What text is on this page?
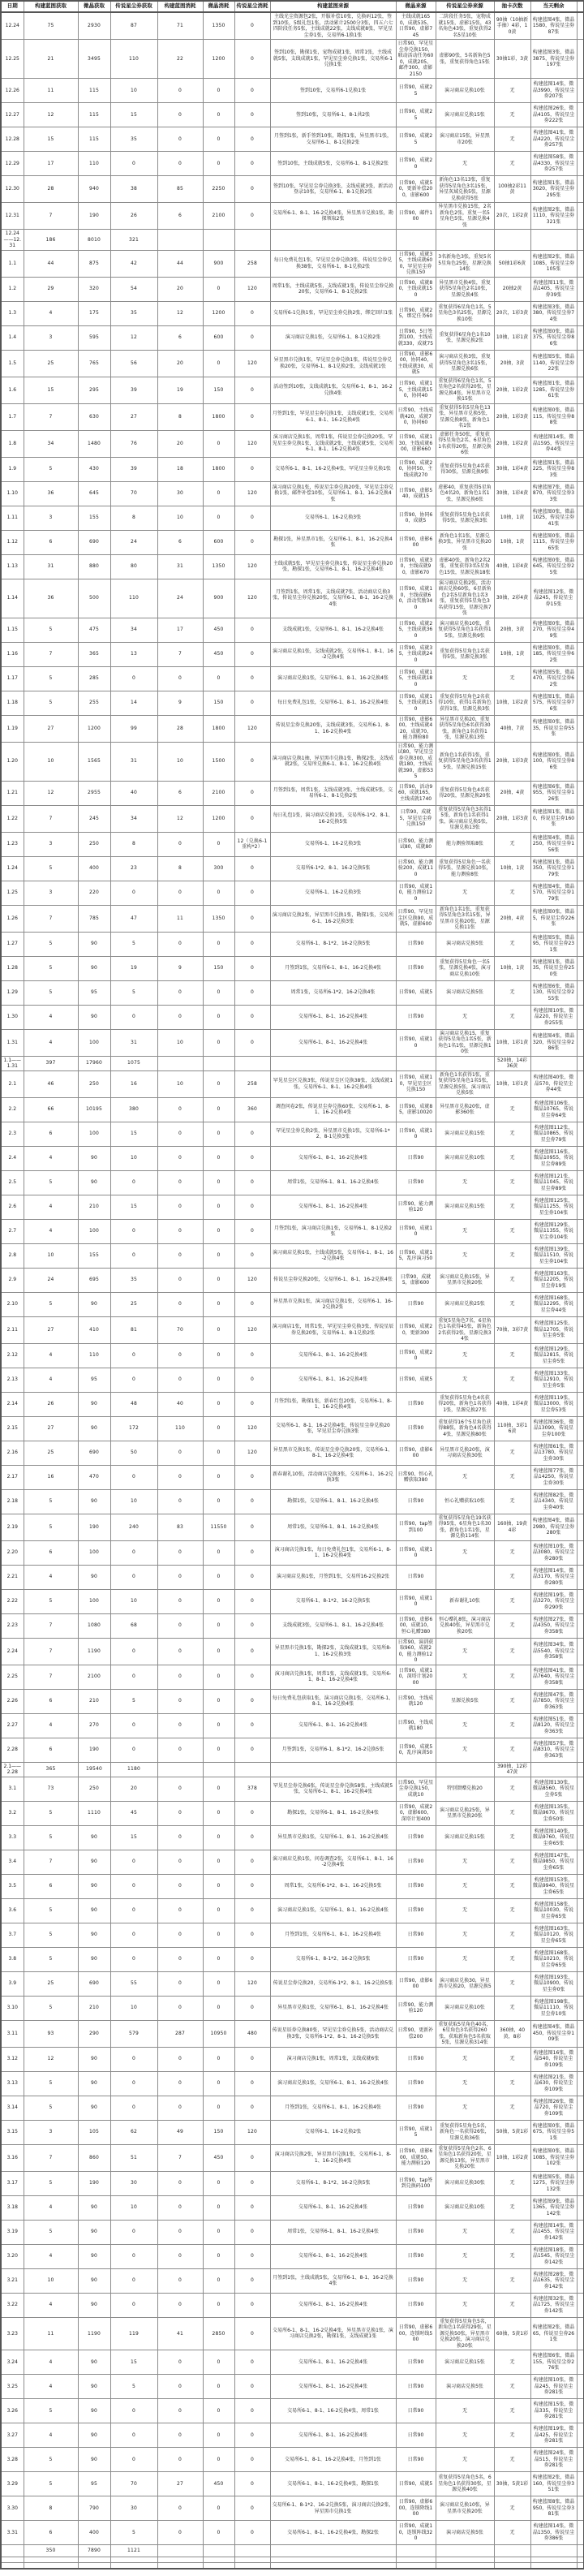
日期	构建蓝图获取	微晶获取	传说星尘券获取	构建蓝图消耗	微晶消耗	传说星尘消耗	构建蓝图来源	微晶来源	传说星尘券来源	抽卡次数	当天剩余	
12.24	75	2930	87	71	1350	0	主线光尘资源包2张，开服补偿10张，兑换码12张，签到10张，5级礼包1张，活动累计2500分3张，四五六七四阶段任务5张，主线成就22张，支线成就8张，罕见星尘券1张，交易所6-1换1张	主线成就1650，成就535，日常90，虚影745	二阶段任务5张，宠物成就15张，虚影15张，43名角色43张，重复获得2名5星10张	90抽（10抽新手抽）4彩，10黄	构建蓝图4张，微晶1580，传说星尘券87张	
12.25	21	3495	110	22	1200	0	签到10张，勘探1张，宠物成就1张，周常1张，主线成就5张，支线成就1张，罕见星尘券兑换1张，交易所6-1兑换1张	日常90，罕见星尘券兑换150，联动活动任务600，成就205，邮件300，虚影2150	虚影90张，5名新角色5张，重复获得角色15张	30抽1彩，3黄	构建蓝图3张，微晶3875，传说星尘券197张	
12.26	11	115	10	0	0	0	签到10张，交易所6-1兑换1张	日常90，成就25	演习商店兑换10张	无	构建蓝图14张，微晶3990，传说星尘券207张	
12.27	12	115	15	0	0	0	签到10张，交易所6-1、8-1共2张	日常90，成就25	演习商店兑换15张	无	构建蓝图26张，微晶4105，传说星尘券222张	
12.28	15	115	35	0	0	0	月签到1张，新手签到10张，勘探1张，异星黑市1张，交易所6-1、8-1兑换2张	日常90，成就25	演习商店15张，异星黑市20张	无	构建蓝图41张，微晶4220，传说星尘券257张	
12.29	17	110	0	0	0	0	签到10张，主线成就5张，交易所6-1、8-1兑换2张	日常90，成就20	无	无	构建蓝图58张，微晶4330，传说星尘券257张	
12.30	28	940	38	85	2250	0	签到10张，罕见星尘券兑换3张，支线成就3张，新活动登录10张，交易所6-1、8-1兑换2张	日常90，成就50，更新补偿200，虚影600	新角色13名13张，重复获得5星角色3名15张，异星灰域兑换5张，星源兑换获得5张	100抽2彩11黄	构建蓝图1张，微晶3020，传说星尘券295张	
12.31	7	190	26	6	2100	0	交易所6-1、8-1、16-2兑换4张，异星黑市兑换1张，勘探领取2张	日常90，邮件100	异星黑市兑换15张，2名新角色2张，重复一名5星角色5张，星源兑换4张	20次，1彩2黄	构建蓝图2张，微晶1110，传说星尘券321张	
12.24——12.31	186	8010	321									
1.1	44	875	42	44	900	258	每日免费礼包1张，罕见星尘券兑换3张，传说星尘券兑换38张，交易所6-1、8-1兑换2张	日常90，成就35，主线成就600，罕见星尘券兑换150	3名新角色3张，重复5名5星角色25张，星源兑换14张	50抽1彩6黄	构建蓝图2张，微晶1085，传说星尘券105张	
1.2	29	320	54	20	0	120	周常1张，主线成就5张，支线成就1张，传说星尘券兑换20张，交易所6-1、8-1兑换2张	日常90，成就80，主线成就150	异星黑市兑换4张，重复获得5星角色2名10张，星源兑换4张	20抽2黄	构建蓝图11张，微晶1405，传说星尘券39张	
1.3	4	175	35	12	1200	0	交易所6-1兑换1张，罕见星尘券兑换2张，绑定回归1张	日常90，成就25，绑定任务60	重复获得6星角色1名，5星角色3名25张，星源兑换10张	20次，1彩3黄	构建蓝图3张，微晶380，传说星尘券74张	
1.4	3	595	12	6	600	0	演习商店兑换1张，交易所6-1、8-1兑换2张	日常90，5日签到100，主线成就330，成就75	重复获得6星角色1名10张，星源兑换2张	10抽，1彩1黄	构建蓝图0张，微晶375，传说星尘券86张	
1.5	25	765	56	20	0	120	异星黑市兑换1张，罕见星尘券兑换1张，传说星尘券兑换20张，交易所6-1、8-1兑换2张，支线成就1张	日常90，虚影600，协同40，主线成就30，成就5	演习商店兑换3张，重复获得5星角色3名15张，星源兑换6张	20抽，3黄	构建蓝图5张，微晶1140，传说星尘券22张	
1.6	15	295	39	19	150	0	活动签到10张，支线成就1张，交易所6-1、8-1、16-2兑换4张	日常90，成就15，主线成就150，协同40	重复获得6星角色1名，5星角色2名获得20张，星源兑换4张，异星黑市兑换15张	20抽，1彩2黄	构建蓝图1张，微晶1285，传说星尘券61张	
1.7	7	630	27	8	1800	0	月签到1张，罕见星尘券兑换1张，支线成就1张，交易所6-1、8-1、16-2兑换4张	日常90，主线成就420，成就70，协同60	重复获得5名5星角色13张，异星黑市兑换5张，星源兑换8张，新角色1名1张	20抽，1彩3黄	构建蓝图0张，微晶115，传说星尘券88张	
1.8	34	1480	76	20	0	120	演习商店兑换1张，周常1张，传说星尘券兑换20张，罕见星尘券兑换1张，支线成就2张，主线成就5张，交易所6-1、8-1、16-2兑换4张	日常90，成就130，主线成就600，虚影660	虚影任务50张，重复获得5星角色2名、6星角色1名获得20张，星源兑换6张	20抽，1彩2黄	构建蓝图14张，微晶1595，传说星尘券44张	
1.9	5	430	39	18	1800	0	交易所6-1、8-1、16-2兑换4张，罕见星尘券兑换1张	日常90，成就20，协同50，主线成就270	重复获得5星角色4名获得30张，星源兑换9张	30抽，1彩4黄	构建蓝图1张，微晶225，传说星尘券83张	
1.10	36	645	70	30	0	120	演习商店兑换1张，传说星尘券兑换20张，罕见星尘券兑换1张，邮件补偿10张，交易所6-1、8-1、16-2兑换4张	日常90，虚影540，成就15	虚影40，重复获得5星角色4名20，新角色1名1张，星源兑换6张	30抽，1彩4黄	构建蓝图7张，微晶870，传说星尘券33张	
1.11	3	155	8	10	0	0	交易所6-1、16-2兑换3张	日常90，协同60，成就5	重复获得5星角色1名获得5张，星源兑换3张	10抽，1黄	构建蓝图0张，微晶1025，传说星尘券41张	
1.12	6	690	24	6	600	0	勘探1张，异星黑市1张，交易所6-1、8-1、16-2兑换4张	日常90，虚影600	新角色1名1张，星源兑换3张，异星黑市兑换20张	10抽，1黄	构建蓝图0张，微晶1115，传说星尘券65张	
1.13	31	880	80	31	1350	120	主线成就5张，罕见星尘券兑换1张，传说星尘券兑换20张，勘探1张，交易所6-1、8-1、16-2兑换4张	日常90，成就30，主线成就90，虚影670	虚影40张，新角色2名2张，重复获得3名5星角色15张，星源兑换18张	40抽，1彩4黄	构建蓝图0张，微晶645，传说星尘券25张	
1.14	36	500	110	24	900	120	月签到1张，周常1张，支线成就7张，活动商店兑换3张，传说星尘券兑换20张，交易所6-1、8-1、16-2兑换4张	日常90，成就10，主线成就60，活动奖励340	演习商店兑换2张，活动商店兑换60张，6星新角色2名5星新角色1名3张，重复获得5星角色3名获得15张，星源兑换7张	30抽，2彩4黄	构建蓝图12张，微晶245，传说星尘券15张	
1.15	5	475	34	17	450	0	支线成就1张，交易所6-1、8-1、16-2兑换4张	日常90，成就25，主线成就360	演习商店兑换10张，重复获得5星角色1名获得15张，星源兑换9张	20抽，3黄	构建蓝图0张，微晶270，传说星尘券49张	
1.16	7	365	13	7	450	0	演习商店兑换1张，支线成就2张，交易所6-1、8-1、16-2兑换4张	日常90，成就35，主线成就240	重复获得5星角色1名获得5张，星源兑换3张	10抽，1黄	构建蓝图0张，微晶185，传说星尘券62张	
1.17	5	285	0	0	0	0	演习商店兑换1张，交易所6-1、8-1、16-2兑换4张	日常90，成就15，主线成就180	无	无	构建蓝图5张，微晶470，传说星尘券62张	
1.18	5	255	14	9	150	0	每日免费礼包1张，交易所6-1、8-1、16-2兑换4张	日常90，成就15，主线成就150	重复获得5星角色2名获得10张，获得1名新角色获得1张，星源兑换3张	10抽，1彩2黄	构建蓝图1张，微晶575，传说星尘券76张	
1.19	27	1200	99	28	1800	120	传说星尘券兑换20张，支线成就3张，交易所6-1、8-1、16-2兑换4张	日常90，虚影600，主线成就420，成就70，能力测验80	异星黑市兑换20，重复获得5星角色6名获得30张，新角色1名获得1张，星源兑换13张	40抽，7黄	构建蓝图0张，微晶35，传说星尘券55张	
1.20	10	1565	31	10	1500	0	演习商店兑换1抽，异星黑市兑换1张，勘探2张，支线成就2张，交易所兑换6-1、8-1、16-2兑换4张	日常90，能力测试80，罕见星尘券兑换300，成就180，主线成就390，虚影535	新角色1名获得1张，重复获得5星角色3名获得15张，星源兑换15张	20抽，1彩3黄	构建蓝图0张，微晶100，传说星尘券86张	
1.21	12	2955	40	6	2100	0	月签到1张，周常1张，支线成就3张，主线成就5张，交易所6-1、8-1兑换2张	日常90，活动960，成就165，主线成就1740	重复获得5星角色4名获得20张，星源兑换20张	20抽，4黄	构建蓝图6张，微晶955，传说星尘券126张	
1.22	7	245	34	12	1200	0	每日礼包1张，演习商店兑换1张，交易所6-1*2、8-1、16-2兑换5张	日常90，成就5，罕见星尘券兑换150	重复获得5星角色3名得15张，新角色1名获得1张，演习商店兑换5张，星源兑换13张	20抽，1彩3黄	构建蓝图1张，微晶0，传说星尘券160张	
1.23	3	250	8	0	0	12（兑换6-1重构*2）	交易所6-1、16-2兑换3张	日常90，能力测试80，成就80	能力测验领取8张	无	构建蓝图4张，微晶250，传说星尘券156张	
1.24	5	400	23	8	300	0	交易所6-1*2、8-1、16-2兑换5张	日常90，能力测验200，成就110	重复获得5星角色一名获得5张，星源兑换10张，能力测验8张	10抽，1黄	构建蓝图1张，微晶350，传说星尘券179张	
1.25	3	220	0	0	0	0	交易所6-1、16-2兑换3张	日常90，成就10，能力测验120	无	无	构建蓝图4张，微晶570，传说星尘券179张	
1.26	7	785	47	11	1350	0	演习商店兑换2张，异星黑市兑换1张，勘探1张，交易所6-1、16-2兑换3张	日常90，罕见星尘区兑换90，成就5，虚影600	新角色1名1张，重复获得5星角色3名15张，异星黑市兑换20张，星源兑换11张	20抽，4黄	构建蓝图0张，微晶5，传说星尘券226张	
1.27	5	90	5	0	0	0	交易所6-1、8-1*2、16-2兑换5张	日常90	演习商店兑换5张	无	构建蓝图5张，微晶95，传说星尘券231张	
1.28	5	90	19	9	150	0	月签到1张，交易所6-1、8-1、16-2兑换4张	日常90	重复获得5星角色一名5张，星源兑换4张，演习商店兑换10张	10抽，1黄	构建蓝图1张，微晶35，传说星尘券250张	
1.29	5	95	5	0	0	0	周常1张，交易所6-1*2、16-2兑换4张	日常90，成就5	演习商店兑换5张	无	构建蓝图6张，微晶130，传说星尘券255张	
1.30	4	90	0	0	0	0	交易所6-1、8-1、16-2兑换4张	日常90	无	无	构建蓝图10张，微晶220，传说星尘券255张	
1.31	4	100	31	10	0	0	交易所6-1、8-1、16-2兑换4张	日常90，成就10	演习商店兑换15，重复获得5星角色1名5张，新角色1名1张，星源兑换10张	10抽，1彩1黄	构建蓝图4张，微晶320，传说星尘券286张	
1.1——1.31	397	17960	1075							520抽，14彩36黄		
2.1	46	250	16	10	0	258	罕见星尘区兑换3张，传说星尘区兑换38张，支线成就1张，交易所6-1、8-1、16-2兑换4张	日常90，成就10，罕见星尘区兑换150	新角色1名获得1张，重复获得5星角色1名5张，星源兑换5张，演习商店兑换5张	10抽，1彩1黄	构建蓝图40张，微晶570，传说星尘券44张	
2.2	66	10195	380	0	0	360	调查问卷2张，传说星尘券兑换60张，交易所6-1、8-1、16-2兑换4张	日常90，成就85，虚影10020	异星黑市兑换20张，虚影360张	无	构建蓝图106张，微晶10765，传说星尘券64张	
2.3	6	100	15	0	0	0	罕见星尘券兑换2张，异星黑市兑换1张，交易所6-1*2、8-1兑换3张	日常90，成就10	演习商店兑换15张	无	构建蓝图112张，微晶10865，传说星尘券79张	
2.4	4	90	10	0	0	0	交易所6-1、8-1、16-2兑换4张	日常90	演习商店兑换10张	无	构建蓝图116张，微晶10955，传说星尘券89张	
2.5	5	90	0	0	0	0	周常1张，交易所6-1、8-1、16-2兑换4张	日常90	无	无	构建蓝图121张，微晶11045，传说星尘券89张	
2.6	4	210	15	0	0	0	交易所6-1、8-1、16-2兑换4张	日常90，能力测验120	演习商店兑换15张	无	构建蓝图125张，微晶11255，传说星尘券104张	
2.7	4	100	0	0	0	0	月签到1张，演习商店兑换1张，交易所6-1、8-1兑换2张	日常90，成就10	无	无	构建蓝图129张，微晶11355，传说星尘券104张	
2.8	10	155	0	0	0	0	演习商店兑换1张，主线成就5张，交易所6-1、8-1、16-2兑换4张	日常90，成就15，乱序演习50	无	无	构建蓝图139张，微晶11510，传说星尘券104张	
2.9	24	695	35	0	0	120	传说星尘券兑换20张，交易所6-1、8-1、16-2兑换4张	日常90，成就5，虚影600	演习商店兑换15张，异星黑市兑换20张	无	构建蓝图163张，微晶12205，传说星尘券19张	
2.10	5	90	25	0	0	0	异星黑市兑换1张，演习商店兑换1张，交易所6-1、16-2兑换2张	日常90	演习商店兑换25张	无	构建蓝图168张，微晶12295，传说星尘券44张	
2.11	27	410	81	70	0	120	演习商店1张，周常1张，罕见星尘券兑换3张，传说星辰券兑换20张，交易所6-1、8-1兑换2张	日常90，成就20，更新300	重复5星角色7名，6星角色1名获得45张，新角色2名获得2张，星源兑换34张	70抽，3彩7黄	构建蓝图125张，微晶12705，传说星尘券5张	
2.12	4	110	0	0	0	0	交易所6-1、8-1、16-2兑换4张	日常90，成就20	无	无	构建蓝图129张，微晶12815，传说星尘券5张	
2.13	4	95	0	0	0	0	交易所6-1、8-1、16-2兑换4张	日常90，成就5	无	无	构建蓝图133张，微晶12910，传说星尘券5张	
2.14	26	90	48	40	0	0	月签到1张，勘探1张，新春红包20张，交易所6-1、8-1、16-2兑换4张	日常90	重复获得5星角色4名获得20张，新角色1名获得1张，星源兑换27张	40抽，1彩4黄	构建蓝图119张，微晶13000，传说星尘券53张	
2.15	27	90	172	110	0	120	交易所6-1、8-1、16-2兑换4张，传说星尘券兑换20张，罕见星尘券兑换3张	日常90	重复获得16个5星角色获得88张，新角色4名获得4张，星源兑换80张	110抽，3彩16黄	构建蓝图36张，微晶13090，传说星尘券100张	
2.16	25	690	50	0	0	120	异星黑市兑换1张，传说星尘券兑换20张，交易所6-1、8-1、16-2兑换4张	日常90，虚影600	异星黑市兑换20张，演习商店兑换30张	无	构建蓝图61张，微晶13780，传说星尘券30张	
2.17	16	470	0	0	0	0	新春谢礼10张，活动商店兑换3张，交易所6-1、16-2兑换3张	日常90，恒心礼赠获取380	无	无	构建蓝图77张，微晶14250，传说星尘券30张	
2.18	5	90	10	0	0	0	勘探1张，交易所6-1、8-1、16-2兑换4张	日常90	恒心礼赠获取10张	无	构建蓝图82张，微晶14340，传说星尘券40张	
2.19	5	190	240	83	11550	0	周常1张，交易所6-1、8-1、16-2兑换4张	日常90，tap签到100	重复获得5星角色19名获得95张，6星角色1名30张，新角色1名1张，星源兑换114张	160抽，19黄4彩	构建蓝图4张，微晶2980，传说星尘券280张	
2.20	6	100	0	0	0	0	演习商店兑换1张，每日免费礼包1张，交易所6-1、8-1、16-2兑换4张	日常90，成就10	无	无	构建蓝图10张，微晶3080，传说星尘券280张	
2.21	4	90	0	0	0	0	演习商店兑换1张，月签到1张，交易所16-2兑换2张	日常90		无	构建蓝图14张，微晶3170，传说星尘券280张	
2.22	5	100	10	0	0	0	交易所6-1、8-1*2、16-2兑换5张	日常90，成就10	新春谢礼10张	无	构建蓝图19张，微晶3270，传说星尘券290张	
2.23	7	1080	68	0	0	0	支线成就3张，交易所6-1、8-1、16-2兑换4张	日常90，虚影600，成就10，恒心礼赠380	恒心赠礼8张，演习商店兑换40张，异星黑市兑换20张	无	构建蓝图27张，微晶4350，传说星尘券358张	
2.24	7	1190	0	0	0	0	异星黑市兑换1张，勘探2张，支线成就1张，交易所8-1、16-2兑换3张	日常90，演训获取960，成就20，能力测验120	无	无	构建蓝图34张，微晶5540，传说星尘券358张	
2.25	7	2100	0	0	0	0	演习商店兑换1张，周常1张，支线成就1张，交易所6-1、8-1、16-2兑换4张	日常90，成就10，深塔计划2000	无	无	构建蓝图41张，微晶7640，传说星尘券358张	
2.26	6	210	5	0	0	0	每日免费礼包获取1张，演习商店兑换1张，交易所6-1、8-1、16-2兑换4张	日常90，主线成就120	星源兑换5张	无	构建蓝图47张，微晶7850，传说星尘券363张	
2.27	4	270	0	0	0	0	交易所6-1、8-1、16-2兑换4张	日常90，主线成就180	无	无	构建蓝图51张，微晶8120，传说星尘券363张	
2.28	6	190	0	0	0	0	月签到1张，交易所6-1、8-1*2、16-2兑换5张	日常90，成就50，乱序演训50	无	无	构建蓝图57张，微晶8310，传说星尘券363张	
2.1——2.28	365	19540	1180							390抽，12彩47黄		
3.1	73	250	20	0	0	378	罕见星尘券兑换6张，传说星尘券兑换58张，主线成就5张，交易所6-1、8-1、16-2兑换4张	日常90，罕见星尘券兑换150，成就10	特别馈赠兑换20	无	构建蓝图130张，微晶8560，传说星尘券5张	
3.2	5	1110	45	0	0	0	勘探1张，交易所6-1、8-1、16-2兑换4张	日常90，成就20，虚影600，深塔计划400	演习商店兑换25张，异星黑市兑换20张	无	构建蓝图135张，微晶9670，传说星尘券50张	
3.3	5	90	15	0	0	0	异星黑市兑换1张，交易所6-1、8-1、16-2兑换4张	日常90	演习商店兑换15张	无	构建蓝图140张，微晶9760，传说星尘券65张	
3.4	7	90	0	0	0	0	演习商店兑换1张，问卷调查2张，交易所6-1、8-1、16-2兑换4张	日常90	无	无	构建蓝图147张，微晶9850，传说星尘券65张	
3.5	6	90	0	0	0	0	周常1张，交易所6-1*2、8-1、16-2兑换5张	日常90	无	无	构建蓝图153张，微晶9940，传说星尘券65张	
3.6	5	90	0	0	0	0	演习商店兑换1张，交易所6-1、8-1、16-2兑换4张	日常90	无	无	构建蓝图158张，微晶10030，传说星尘券65张	
3.7	5	90	0	0	0	0	月签到1张，交易所6-1、8-1、16-2兑换4张	日常90	无	无	构建蓝图163张，微晶10120，传说星尘券65张	
3.8	5	90	0	0	0	0	交易所6-1、8-1*2、16-2兑换5张	日常90	无	无	构建蓝图168张，微晶10210，传说星尘券65张	
3.9	25	690	55	0	0	120	传说星尘券兑换20，交易所6-1*2、8-1、16-2兑换5张	日常90，虚影600	演习商店兑换30，异星黑市兑换20，星源兑换5	无	构建蓝图193张，微晶10900，传说星尘券0张	
3.10	5	210	10	0	0	0	异星黑市兑换1张，交易所6-1、8-1、16-2兑换4张	日常90，能力测验120	演习商店兑换10张	无	构建蓝图198张，微晶11110，传说星尘券10张	
3.11	93	290	579	287	10950	480	传说星辰券兑换80张，罕见星尘券兑换5张，活动商店兑换3张，交易所6-1*2、8-1、16-2兑换5张	日常90，更新补偿200	重复获取5星角色40名，6星角色3名获得260张，获取新角色5名获取5张，星源兑换314张	360抽，40黄，8彩	构建蓝图4张，微晶450，传说星尘券109张	
3.12	12	90	0	0	0	0	演习商店兑换1张，周常1张，支线成就6张	日常90	无	无	构建蓝图16张，微晶540，传说星尘券109张	
3.13	5	90	0	0	0	0	演习商店兑换1张，交易所6-1、8-1、16-2兑换4张	日常90	无	无	构建蓝图21张，微晶630，传说星尘券109张	
3.14	5	90	0	0	0	0	月签到1张，交易所6-1、8-1、16-2兑换4张	日常90	无	无	构建蓝图26张，微晶720，传说星尘券109张	
3.15	3	105	62	49	150	120	交易所6-1、16-2兑换2张	日常90，成就15	重复获得5星角色5名，新角色一名获得26张，星源兑换36张	50抽，5黄1彩	构建蓝图0张，微晶675，传说星尘券51张	
3.16	7	860	51	7	450	0	演习商店兑换2张，异星黑市兑换1张，交易所6-1、8-1、16-2兑换4张	日常90，虚影600，成就50，能力测验120	重复获得5星角色2名、6星角色1名获得20张，星源兑换13张，异星黑市兑换20张	10抽，1彩2黄	构建蓝图0张，微晶1085，传说星尘券102张	
3.17	5	190	30	0	0	0	交易所6-1、8-1*2、16-2兑换5张	日常90，tap签到兑换码100	演习商店兑换30张	无	构建蓝图5张，微晶1275，传说星尘券132张	
3.18	4	90	10	0	0	0	交易所6-1、8-1、16-2兑换4张	日常90	演习商店兑换10张	无	构建蓝图9张，微晶1365，传说星尘券142张	
3.19	5	90	0	0	0	0	周常1张，交易所6-1、8-1、16-2兑换4张	日常90	无	无	构建蓝图14张，微晶1455，传说星尘券142张	
3.20	4	90	0	0	0	0	交易所6-1、8-1、16-2兑换4张	日常90	无	无	构建蓝图18张，微晶1545，传说星尘券142张	
3.21	10	90	0	0	0	0	月签到1张，主线成就5张，交易所6-1、8-1、16-2兑换4张	日常90	无	无	构建蓝图28张，微晶1635，传说星尘券142张	
3.22	4	90	0	0	0	0	交易所6-1、8-1、16-2兑换4张	日常90	无	无	构建蓝图32张，微晶1725，传说星尘券142张	
3.23	11	1190	119	41	2850	0	交易所6-1、8-1、16-2兑换4张，异星黑市兑换1张，演习商店兑换2张，勘探1张，支线成就1张	日常90，虚影600，连锁时线500	重复获得5星角色5名，新角色1名获得29张，星源兑换50张，异星黑市兑换20张，演习商店兑换20张	60抽，5黄1彩	构建蓝图2张，微晶65，传说星尘券261张	
3.24	4	90	15	0	0	0	交易所6-1、8-1、16-2兑换4张	日常90	演习商店兑换15张	无	构建蓝图6张，微晶155，传说星尘券276张	
3.25	4	90	5	0	0	0	交易所6-1、8-1、16-2兑换4张	日常90	演习商店兑换5张	无	构建蓝图10张，微晶245，传说星尘券281张	
3.26	5	90	0	0	0	0	交易所6-1、8-1、16-2兑换4张，周常1张	日常90	无	无	构建蓝图15张，微晶335，传说星尘券281张	
3.27	4	90	0	0	0	0	交易所6-1、8-1、16-2兑换4张	日常90	无	无	构建蓝图19张，微晶425，传说星尘券281张	
3.28	5	90	0	0	0	0	交易所6-1、8-1、16-2兑换4张，月签到1张	日常90	无	无	构建蓝图24张，微晶515，传说星尘券281张	
3.29	5	95	70	27	450	0	交易所6-1、8-1、16-2兑换4张，勘探1张	日常90，成就5	重复获得5星角色5名，6星角色1名获得30张，星源兑换40张	30抽，5黄1彩	构建蓝图2张，微晶160，传说星尘券351张	
3.30	8	790	30	0	0	0	交易所6-1、8-1*2、16-2兑换5张，演习商店兑换2张，异星黑市兑换1张	日常90，虚影600，连锁降线100	演习商店兑换10张，异星黑市兑换20张	无	构建蓝图8张，微晶950，传说星尘券381张	
3.31	6	400	5	0	0	0	交易所6-1、8-1、16-2兑换4张，勘探2张	日常90，成就10，连锁阵线320	演习商店兑换5张	无	构建蓝图14张，微晶1350，传说星尘券386张	
	350	7890	1121									
